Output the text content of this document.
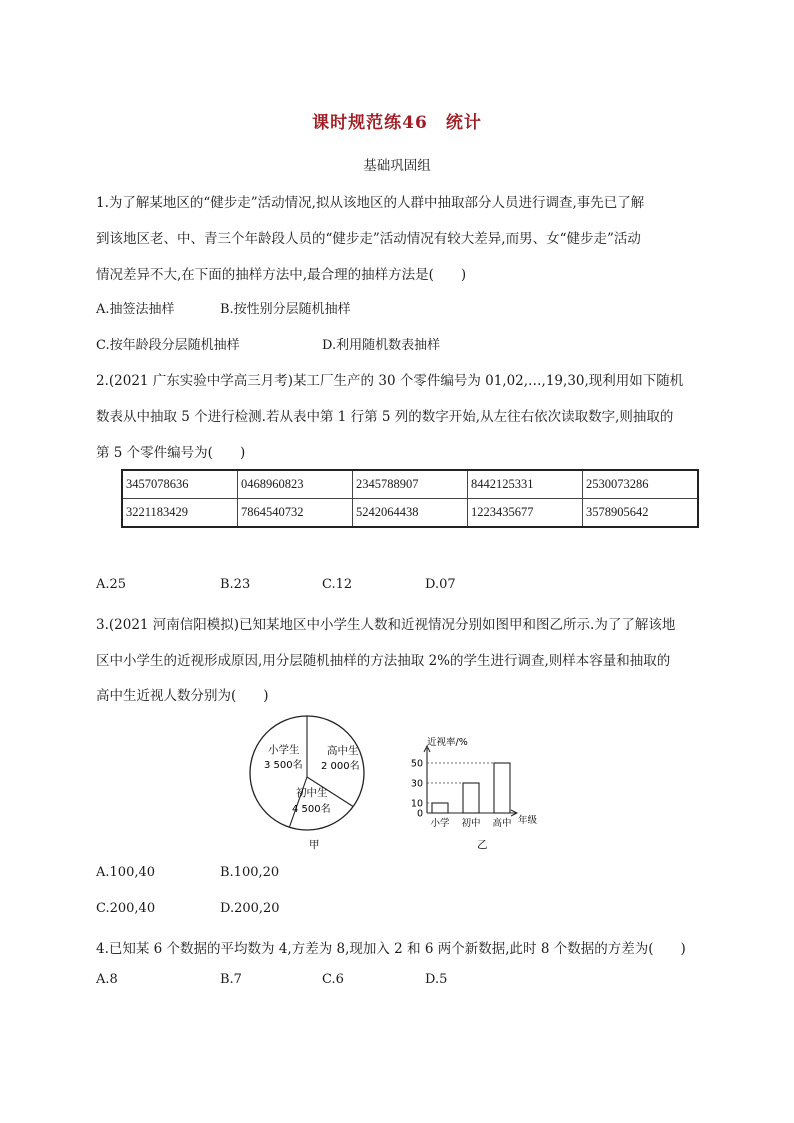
课时规范练46　统计
基础巩固组
1.为了解某地区的“健步走”活动情况,拟从该地区的人群中抽取部分人员进行调查,事先已了解
到该地区老、中、青三个年龄段人员的“健步走”活动情况有较大差异,而男、女“健步走”活动
情况差异不大,在下面的抽样方法中,最合理的抽样方法是(　　)
A.抽签法抽样	B.按性别分层随机抽样
C.按年龄段分层随机抽样	D.利用随机数表抽样
2.(2021 广东实验中学高三月考)某工厂生产的 30 个零件编号为 01,02,…,19,30,现利用如下随机
数表从中抽取 5 个进行检测.若从表中第 1 行第 5 列的数字开始,从左往右依次读取数字,则抽取的
第 5 个零件编号为(　　)
3457078636	0468960823	2345788907	8442125331	2530073286
3221183429	7864540732	5242064438	1223435677	3578905642
A.25	B.23	C.12	D.07
3.(2021 河南信阳模拟)已知某地区中小学生人数和近视情况分别如图甲和图乙所示.为了了解该地
区中小学生的近视形成原因,用分层随机抽样的方法抽取 2%的学生进行调查,则样本容量和抽取的
高中生近视人数分别为(　　)
小学生
3 500名
高中生
2 000名
初中生
4 500名
甲
小学 初中 高中
0
10
30
50
近视率/%
年级
乙
A.100,40	B.100,20
C.200,40	D.200,20
4.已知某 6 个数据的平均数为 4,方差为 8,现加入 2 和 6 两个新数据,此时 8 个数据的方差为(　　)
A.8	B.7	C.6	D.5
